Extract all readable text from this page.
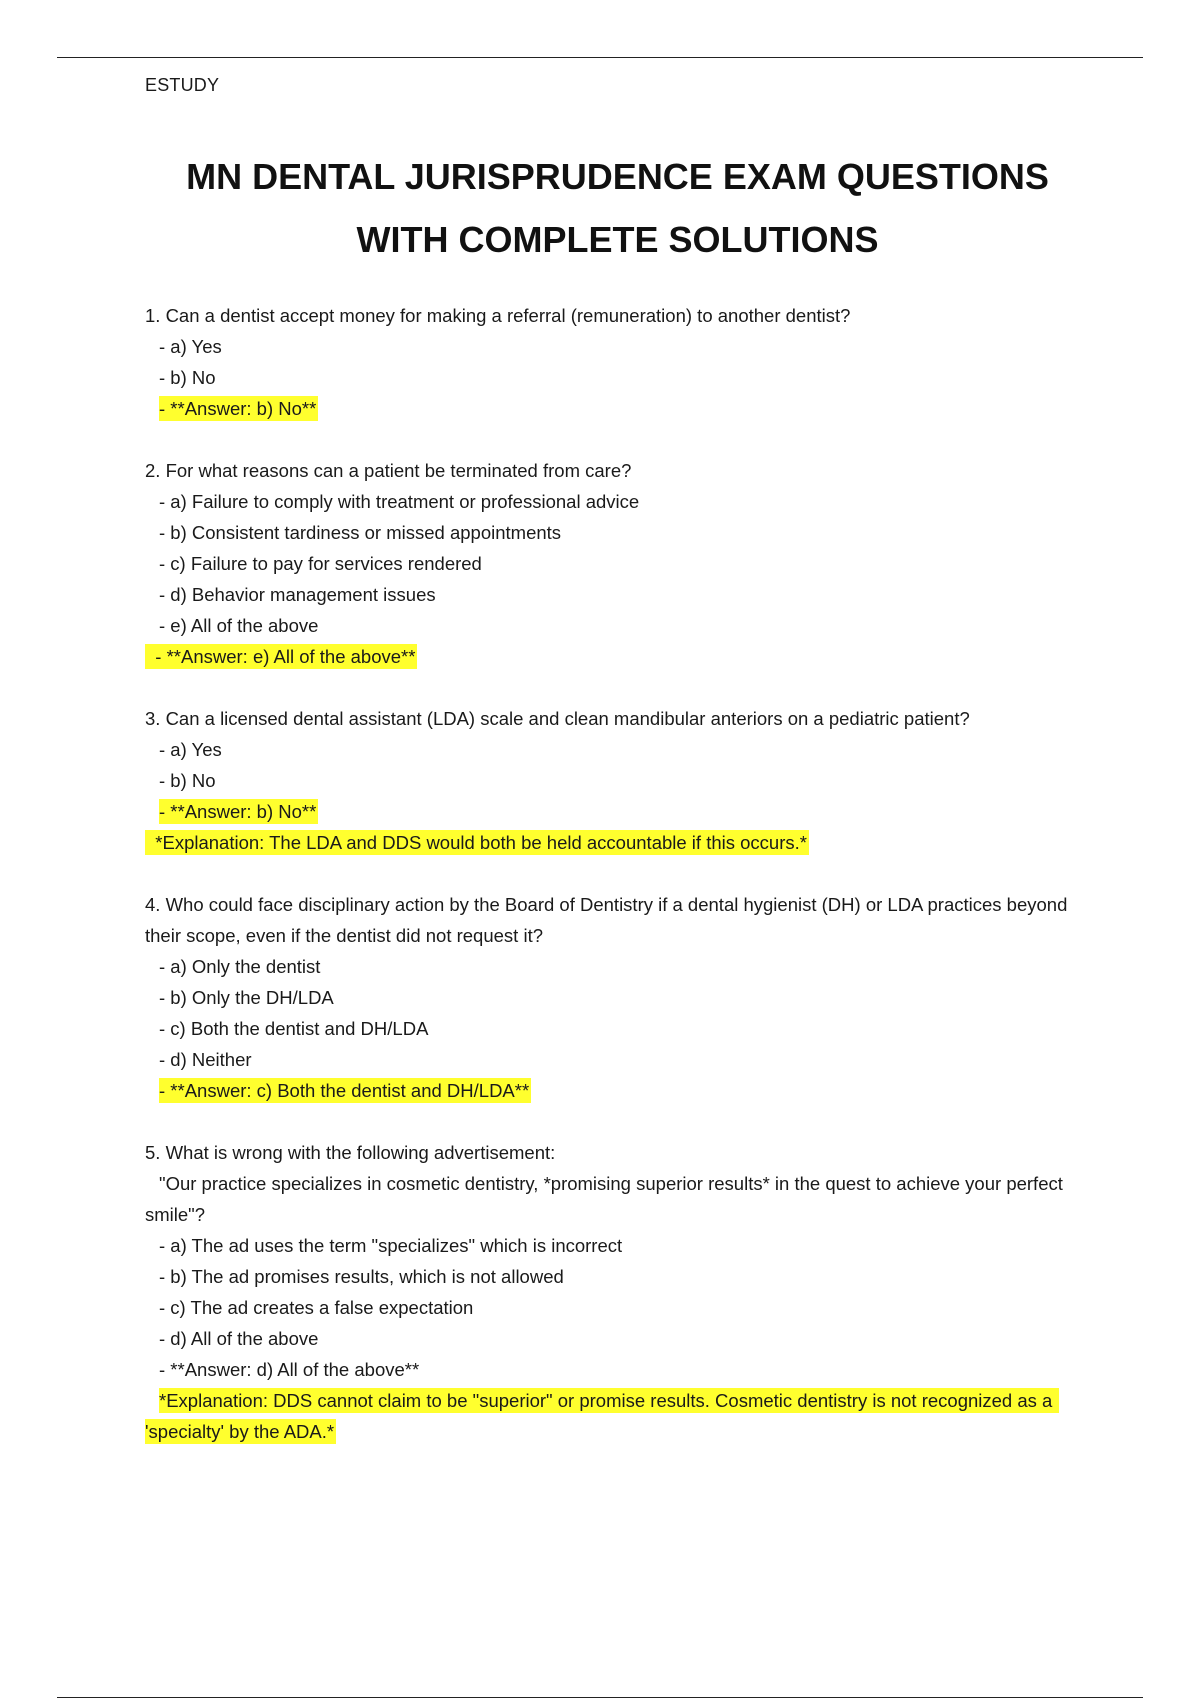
ESTUDY
MN DENTAL JURISPRUDENCE EXAM QUESTIONS
WITH COMPLETE SOLUTIONS
1. Can a dentist accept money for making a referral (remuneration) to another dentist?
- a) Yes
- b) No
- **Answer: b) No**
2. For what reasons can a patient be terminated from care?
- a) Failure to comply with treatment or professional advice
- b) Consistent tardiness or missed appointments
- c) Failure to pay for services rendered
- d) Behavior management issues
- e) All of the above
- **Answer: e) All of the above**
3. Can a licensed dental assistant (LDA) scale and clean mandibular anteriors on a pediatric patient?
- a) Yes
- b) No
- **Answer: b) No**
*Explanation: The LDA and DDS would both be held accountable if this occurs.*
4. Who could face disciplinary action by the Board of Dentistry if a dental hygienist (DH) or LDA practices beyond their scope, even if the dentist did not request it?
- a) Only the dentist
- b) Only the DH/LDA
- c) Both the dentist and DH/LDA
- d) Neither
- **Answer: c) Both the dentist and DH/LDA**
5. What is wrong with the following advertisement:
"Our practice specializes in cosmetic dentistry, *promising superior results* in the quest to achieve your perfect smile"?
- a) The ad uses the term "specializes" which is incorrect
- b) The ad promises results, which is not allowed
- c) The ad creates a false expectation
- d) All of the above
- **Answer: d) All of the above**
*Explanation: DDS cannot claim to be "superior" or promise results. Cosmetic dentistry is not recognized as a 'specialty' by the ADA.*
